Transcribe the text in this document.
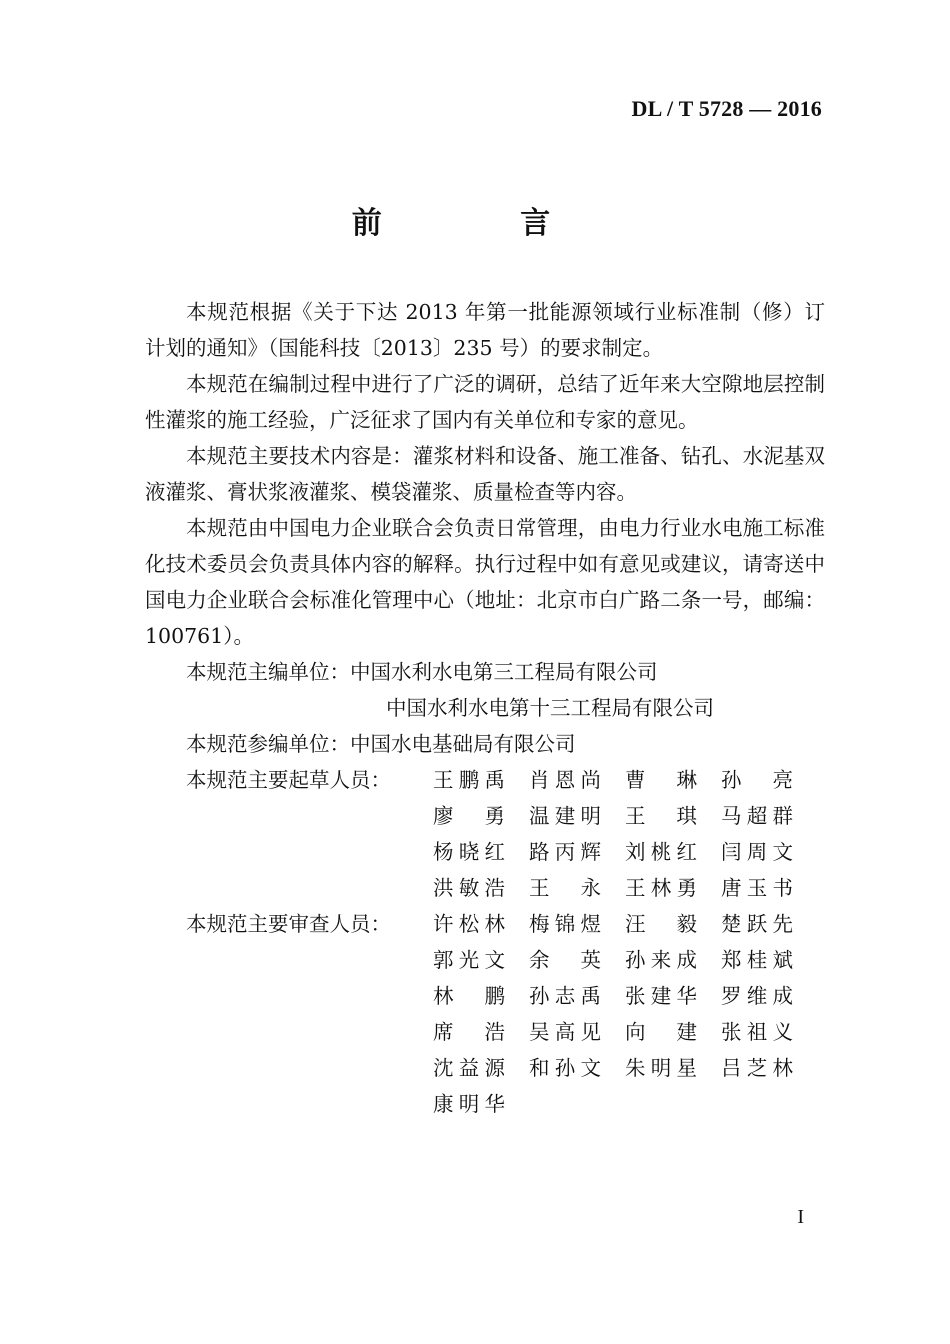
DL / T 5728 — 2016
前 言

本规范根据《关于下达 2013 年第一批能源领域行业标准制（修）订计划的通知》（国能科技〔2013〕235 号）的要求制定。

本规范在编制过程中进行了广泛的调研，总结了近年来大空隙地层控制性灌浆的施工经验，广泛征求了国内有关单位和专家的意见。

本规范主要技术内容是：灌浆材料和设备、施工准备、钻孔、水泥基双液灌浆、膏状浆液灌浆、模袋灌浆、质量检查等内容。

本规范由中国电力企业联合会负责日常管理，由电力行业水电施工标准化技术委员会负责具体内容的解释。执行过程中如有意见或建议，请寄送中国电力企业联合会标准化管理中心（地址：北京市白广路二条一号，邮编：100761）。

本规范主编单位：中国水利水电第三工程局有限公司

中国水利水电第十三工程局有限公司

本规范参编单位：中国水电基础局有限公司

本规范主要起草人员： 王鹏禹 肖恩尚 曹琳 孙亮
廖勇 温建明 王琪 马超群
杨晓红 路丙辉 刘桃红 闫周文
洪敏浩 王永 王林勇 唐玉书
本规范主要审查人员： 许松林 梅锦煜 汪毅 楚跃先
郭光文 余英 孙来成 郑桂斌
林鹏 孙志禹 张建华 罗维成
席浩 吴高见 向建 张祖义
沈益源 和孙文 朱明星 吕芝林
康明华
I
